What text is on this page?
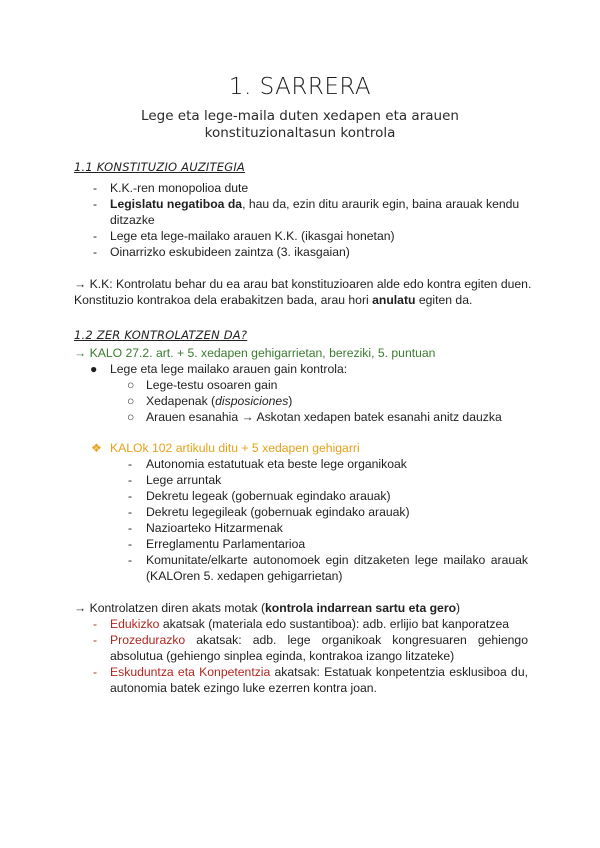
1. SARRERA
Lege eta lege-maila duten xedapen eta arauen
konstituzionaltasun kontrola
1.1 KONSTITUZIO AUZITEGIA
- K.K.-ren monopolioa dute
- Legislatu negatiboa da, hau da, ezin ditu araurik egin, baina arauak kendu
ditzazke
- Lege eta lege-mailako arauen K.K. (ikasgai honetan)
- Oinarrizko eskubideen zaintza (3. ikasgaian)
→ K.K: Kontrolatu behar du ea arau bat konstituzioaren alde edo kontra egiten duen.
Konstituzio kontrakoa dela erabakitzen bada, arau hori anulatu egiten da.
1.2 ZER KONTROLATZEN DA?
→ KALO 27.2. art. + 5. xedapen gehigarrietan, bereziki, 5. puntuan
● Lege eta lege mailako arauen gain kontrola:
○ Lege-testu osoaren gain
○ Xedapenak (disposiciones)
○ Arauen esanahia → Askotan xedapen batek esanahi anitz dauzka
❖ KALOk 102 artikulu ditu + 5 xedapen gehigarri
- Autonomia estatutuak eta beste lege organikoak
- Lege arruntak
- Dekretu legeak (gobernuak egindako arauak)
- Dekretu legegileak (gobernuak egindako arauak)
- Nazioarteko Hitzarmenak
- Erreglamentu Parlamentarioa
- Komunitate/elkarte autonomoek egin ditzaketen lege mailako arauak
(KALOren 5. xedapen gehigarrietan)
→ Kontrolatzen diren akats motak (kontrola indarrean sartu eta gero)
- Edukizko akatsak (materiala edo sustantiboa): adb. erlijio bat kanporatzea
- Prozedurazko akatsak: adb. lege organikoak kongresuaren gehiengo
absolutua (gehiengo sinplea eginda, kontrakoa izango litzateke)
- Eskuduntza eta Konpetentzia akatsak: Estatuak konpetentzia esklusiboa du,
autonomia batek ezingo luke ezerren kontra joan.
